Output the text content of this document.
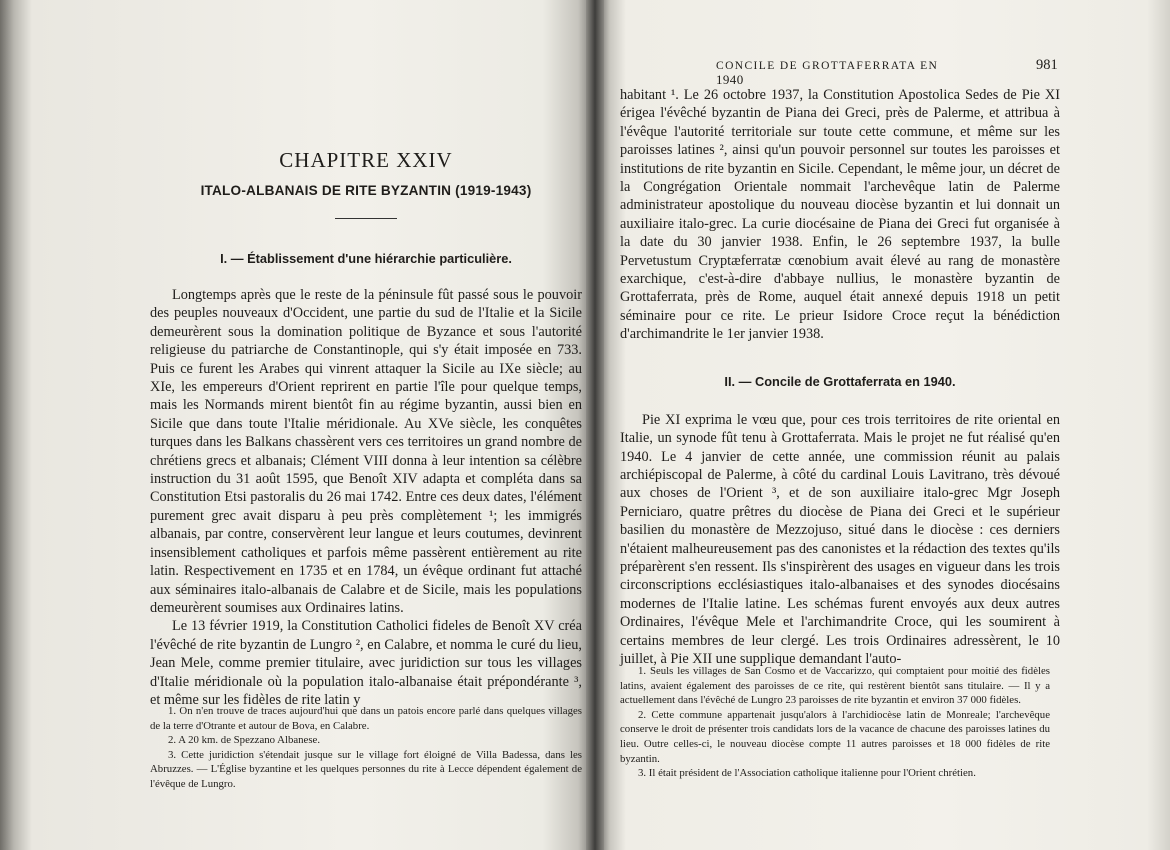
CHAPITRE XXIV
ITALO-ALBANAIS DE RITE BYZANTIN (1919-1943)
I. — Établissement d'une hiérarchie particulière.

Longtemps après que le reste de la péninsule fût passé sous le pouvoir des peuples nouveaux d'Occident, une partie du sud de l'Italie et la Sicile demeurèrent sous la domination politique de Byzance et sous l'autorité religieuse du patriarche de Constantinople, qui s'y était imposée en 733. Puis ce furent les Arabes qui vinrent attaquer la Sicile au IXe siècle; au XIe, les empereurs d'Orient reprirent en partie l'île pour quelque temps, mais les Normands mirent bientôt fin au régime byzantin, aussi bien en Sicile que dans toute l'Italie méridionale. Au XVe siècle, les conquêtes turques dans les Balkans chassèrent vers ces territoires un grand nombre de chrétiens grecs et albanais; Clément VIII donna à leur intention sa célèbre instruction du 31 août 1595, que Benoît XIV adapta et compléta dans sa Constitution Etsi pastoralis du 26 mai 1742. Entre ces deux dates, l'élément purement grec avait disparu à peu près complètement ¹; les immigrés albanais, par contre, conservèrent leur langue et leurs coutumes, devinrent insensiblement catholiques et parfois même passèrent entièrement au rite latin. Respectivement en 1735 et en 1784, un évêque ordinant fut attaché aux séminaires italo-albanais de Calabre et de Sicile, mais les populations demeurèrent soumises aux Ordinaires latins.

Le 13 février 1919, la Constitution Catholici fideles de Benoît XV créa l'évêché de rite byzantin de Lungro ², en Calabre, et nomma le curé du lieu, Jean Mele, comme premier titulaire, avec juridiction sur tous les villages d'Italie méridionale où la population italo-albanaise était prépondérante ³, et même sur les fidèles de rite latin y

1. On n'en trouve de traces aujourd'hui que dans un patois encore parlé dans quelques villages de la terre d'Otrante et autour de Bova, en Calabre.

2. A 20 km. de Spezzano Albanese.

3. Cette juridiction s'étendait jusque sur le village fort éloigné de Villa Badessa, dans les Abruzzes. — L'Église byzantine et les quelques personnes du rite à Lecce dépendent également de l'évêque de Lungro.

CONCILE DE GROTTAFERRATA EN 1940
981

habitant ¹. Le 26 octobre 1937, la Constitution Apostolica Sedes de Pie XI érigea l'évêché byzantin de Piana dei Greci, près de Palerme, et attribua à l'évêque l'autorité territoriale sur toute cette commune, et même sur les paroisses latines ², ainsi qu'un pouvoir personnel sur toutes les paroisses et institutions de rite byzantin en Sicile. Cependant, le même jour, un décret de la Congrégation Orientale nommait l'archevêque latin de Palerme administrateur apostolique du nouveau diocèse byzantin et lui donnait un auxiliaire italo-grec. La curie diocésaine de Piana dei Greci fut organisée à la date du 30 janvier 1938. Enfin, le 26 septembre 1937, la bulle Pervetustum Cryptæferratæ cœnobium avait élevé au rang de monastère exarchique, c'est-à-dire d'abbaye nullius, le monastère byzantin de Grottaferrata, près de Rome, auquel était annexé depuis 1918 un petit séminaire pour ce rite. Le prieur Isidore Croce reçut la bénédiction d'archimandrite le 1er janvier 1938.

II. — Concile de Grottaferrata en 1940.

Pie XI exprima le vœu que, pour ces trois territoires de rite oriental en Italie, un synode fût tenu à Grottaferrata. Mais le projet ne fut réalisé qu'en 1940. Le 4 janvier de cette année, une commission réunit au palais archiépiscopal de Palerme, à côté du cardinal Louis Lavitrano, très dévoué aux choses de l'Orient ³, et de son auxiliaire italo-grec Mgr Joseph Perniciaro, quatre prêtres du diocèse de Piana dei Greci et le supérieur basilien du monastère de Mezzojuso, situé dans le diocèse : ces derniers n'étaient malheureusement pas des canonistes et la rédaction des textes qu'ils préparèrent s'en ressent. Ils s'inspirèrent des usages en vigueur dans les trois circonscriptions ecclésiastiques italo-albanaises et des synodes diocésains modernes de l'Italie latine. Les schémas furent envoyés aux deux autres Ordinaires, l'évêque Mele et l'archimandrite Croce, qui les soumirent à certains membres de leur clergé. Les trois Ordinaires adressèrent, le 10 juillet, à Pie XII une supplique demandant l'auto-

1. Seuls les villages de San Cosmo et de Vaccarizzo, qui comptaient pour moitié des fidèles latins, avaient également des paroisses de ce rite, qui restèrent bientôt sans titulaire. — Il y a actuellement dans l'évêché de Lungro 23 paroisses de rite byzantin et environ 37 000 fidèles.

2. Cette commune appartenait jusqu'alors à l'archidiocèse latin de Monreale; l'archevêque conserve le droit de présenter trois candidats lors de la vacance de chacune des paroisses latines du lieu. Outre celles-ci, le nouveau diocèse compte 11 autres paroisses et 18 000 fidèles de rite byzantin.

3. Il était président de l'Association catholique italienne pour l'Orient chrétien.
